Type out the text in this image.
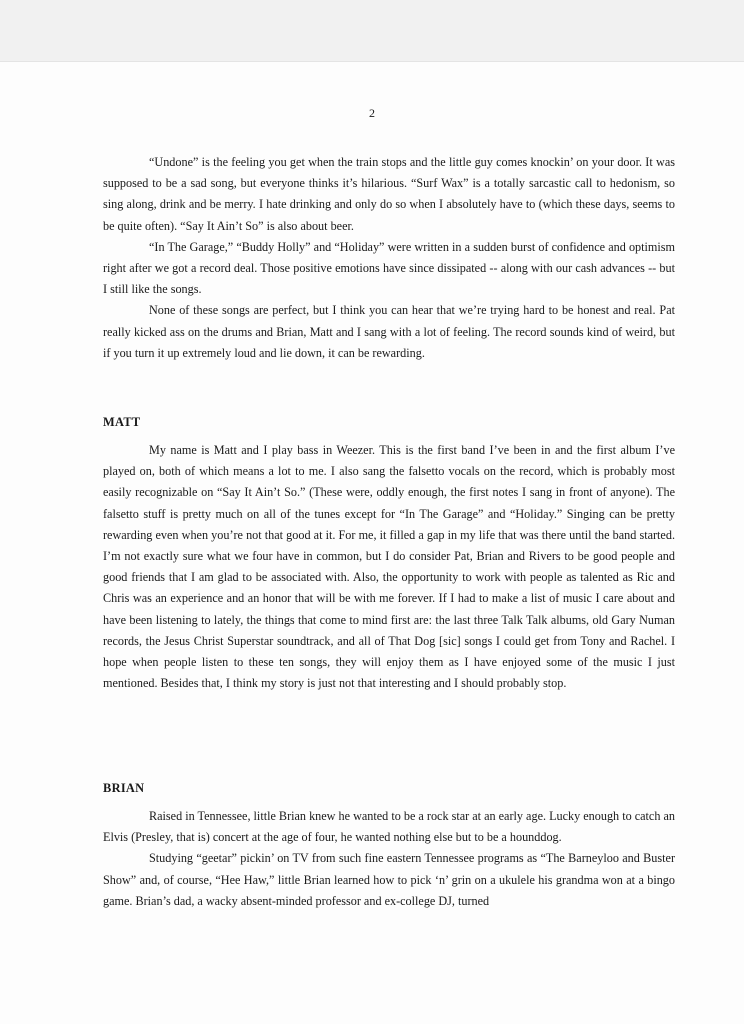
2

“Undone” is the feeling you get when the train stops and the little guy comes knockin’ on your door. It was supposed to be a sad song, but everyone thinks it’s hilarious. “Surf Wax” is a totally sarcastic call to hedonism, so sing along, drink and be merry. I hate drinking and only do so when I absolutely have to (which these days, seems to be quite often). “Say It Ain’t So” is also about beer.

“In The Garage,” “Buddy Holly” and “Holiday” were written in a sudden burst of confidence and optimism right after we got a record deal. Those positive emotions have since dissipated -- along with our cash advances -- but I still like the songs.

None of these songs are perfect, but I think you can hear that we’re trying hard to be honest and real. Pat really kicked ass on the drums and Brian, Matt and I sang with a lot of feeling. The record sounds kind of weird, but if you turn it up extremely loud and lie down, it can be rewarding.

MATT

My name is Matt and I play bass in Weezer. This is the first band I’ve been in and the first album I’ve played on, both of which means a lot to me. I also sang the falsetto vocals on the record, which is probably most easily recognizable on “Say It Ain’t So.” (These were, oddly enough, the first notes I sang in front of anyone). The falsetto stuff is pretty much on all of the tunes except for “In The Garage” and “Holiday.” Singing can be pretty rewarding even when you’re not that good at it. For me, it filled a gap in my life that was there until the band started. I’m not exactly sure what we four have in common, but I do consider Pat, Brian and Rivers to be good people and good friends that I am glad to be associated with. Also, the opportunity to work with people as talented as Ric and Chris was an experience and an honor that will be with me forever. If I had to make a list of music I care about and have been listening to lately, the things that come to mind first are: the last three Talk Talk albums, old Gary Numan records, the Jesus Christ Superstar soundtrack, and all of That Dog [sic] songs I could get from Tony and Rachel. I hope when people listen to these ten songs, they will enjoy them as I have enjoyed some of the music I just mentioned. Besides that, I think my story is just not that interesting and I should probably stop.

BRIAN

Raised in Tennessee, little Brian knew he wanted to be a rock star at an early age. Lucky enough to catch an Elvis (Presley, that is) concert at the age of four, he wanted nothing else but to be a hounddog.

Studying “geetar” pickin’ on TV from such fine eastern Tennessee programs as “The Barneyloo and Buster Show” and, of course, “Hee Haw,” little Brian learned how to pick ‘n’ grin on a ukulele his grandma won at a bingo game. Brian’s dad, a wacky absent-minded professor and ex-college DJ, turned
